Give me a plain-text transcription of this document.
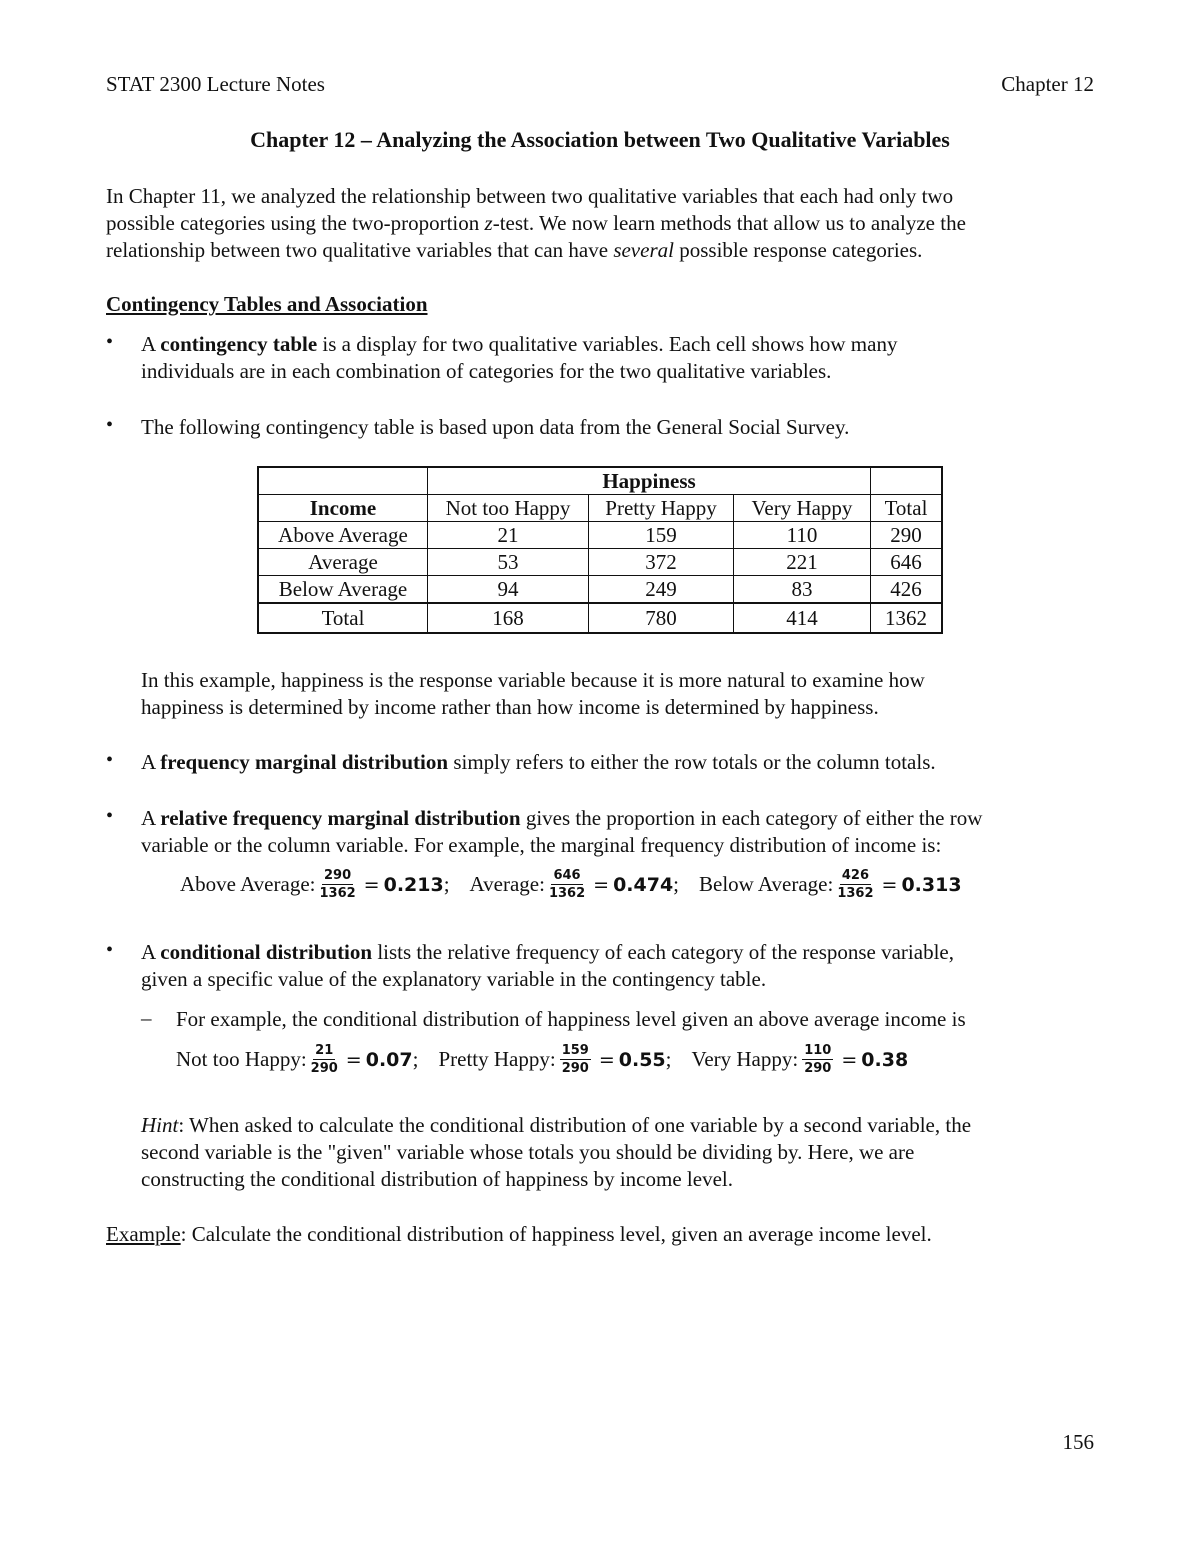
STAT 2300 Lecture Notes	Chapter 12
Chapter 12 – Analyzing the Association between Two Qualitative Variables
In Chapter 11, we analyzed the relationship between two qualitative variables that each had only two
possible categories using the two-proportion z-test. We now learn methods that allow us to analyze the
relationship between two qualitative variables that can have several possible response categories.
Contingency Tables and Association
• A contingency table is a display for two qualitative variables. Each cell shows how many
individuals are in each combination of categories for the two qualitative variables.
• The following contingency table is based upon data from the General Social Survey.
	Happiness			
Income	Not too Happy	Pretty Happy	Very Happy	Total
Above Average	21	159	110	290
Average	53	372	221	646
Below Average	94	249	83	426
Total	168	780	414	1362
In this example, happiness is the response variable because it is more natural to examine how
happiness is determined by income rather than how income is determined by happiness.
• A frequency marginal distribution simply refers to either the row totals or the column totals.
• A relative frequency marginal distribution gives the proportion in each category of either the row
variable or the column variable. For example, the marginal frequency distribution of income is:
Above Average: $\frac{290}{1362} = 0.213$ ; Average: $\frac{646}{1362} = 0.474$ ; Below Average: $\frac{426}{1362} = 0.313$
• A conditional distribution lists the relative frequency of each category of the response variable,
given a specific value of the explanatory variable in the contingency table.
– For example, the conditional distribution of happiness level given an above average income is
Not too Happy: $\frac{21}{290} = 0.07$ ; Pretty Happy: $\frac{159}{290} = 0.55$ ; Very Happy: $\frac{110}{290} = 0.38$
Hint: When asked to calculate the conditional distribution of one variable by a second variable, the
second variable is the "given" variable whose totals you should be dividing by. Here, we are
constructing the conditional distribution of happiness by income level.
Example: Calculate the conditional distribution of happiness level, given an average income level.
156
